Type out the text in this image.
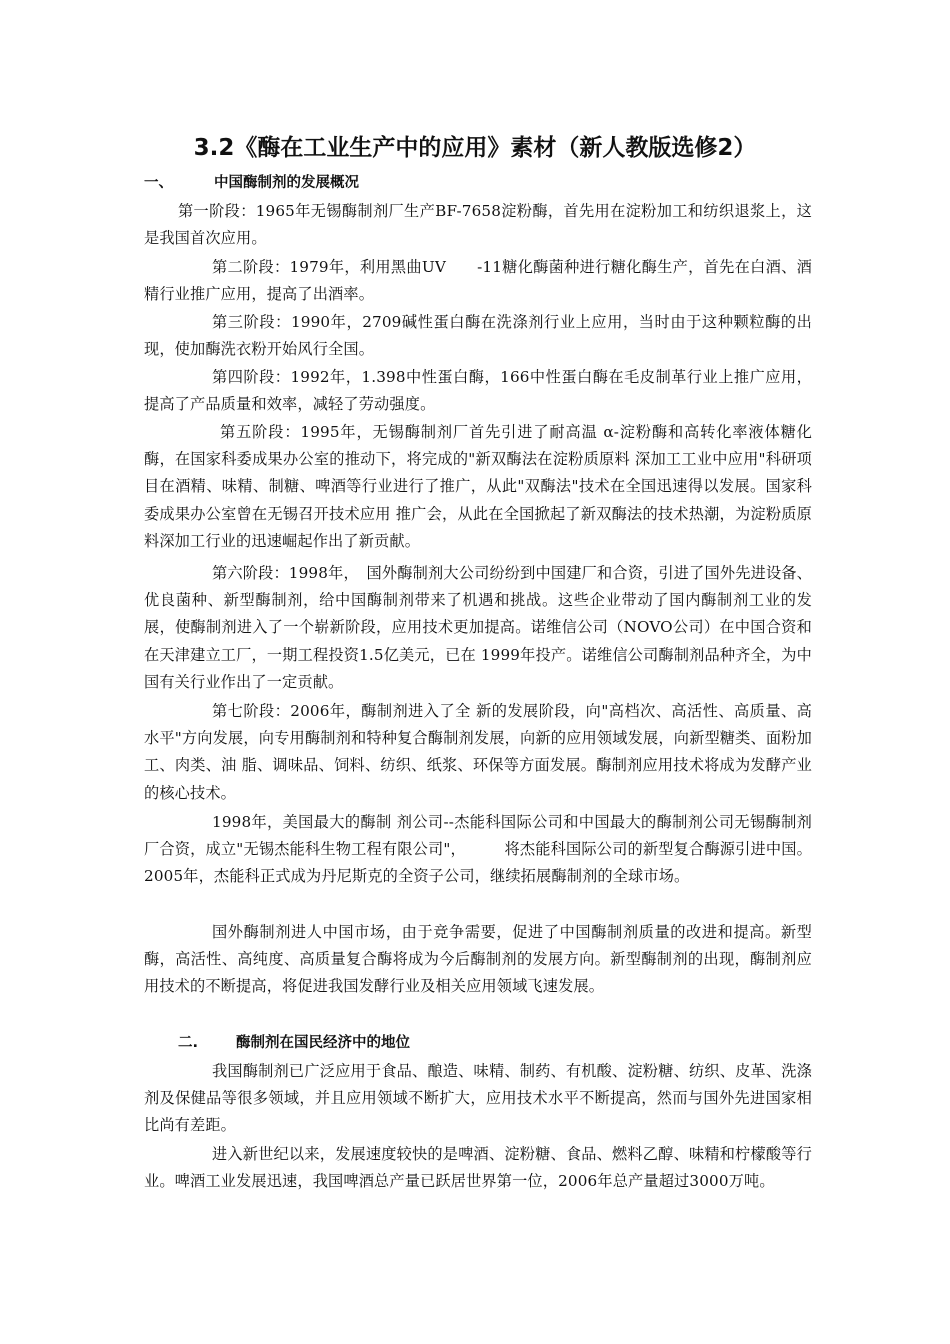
3.2《酶在工业生产中的应用》素材（新人教版选修2）
一、	中国酶制剂的发展概况

第一阶段：1965年无锡酶制剂厂生产BF-7658淀粉酶，首先用在淀粉加工和纺织退浆上，这是我国首次应用。

第二阶段：1979年，利用黑曲UV　　-11糖化酶菌种进行糖化酶生产，首先在白酒、酒精行业推广应用，提高了出酒率。

第三阶段：1990年，2709碱性蛋白酶在洗涤剂行业上应用，当时由于这种颗粒酶的出现，使加酶洗衣粉开始风行全国。

第四阶段：1992年，1.398中性蛋白酶，166中性蛋白酶在毛皮制革行业上推广应用，提高了产品质量和效率，减轻了劳动强度。

第五阶段：1995年，无锡酶制剂厂首先引进了耐高温 α-淀粉酶和高转化率液体糖化酶，在国家科委成果办公室的推动下，将完成的"新双酶法在淀粉质原料 深加工工业中应用"科研项目在酒精、味精、制糖、啤酒等行业进行了推广，从此"双酶法"技术在全国迅速得以发展。国家科委成果办公室曾在无锡召开技术应用 推广会，从此在全国掀起了新双酶法的技术热潮，为淀粉质原料深加工行业的迅速崛起作出了新贡献。

第六阶段：1998年，　国外酶制剂大公司纷纷到中国建厂和合资，引进了国外先进设备、优良菌种、新型酶制剂，给中国酶制剂带来了机遇和挑战。这些企业带动了国内酶制剂工业的发　展，使酶制剂进入了一个崭新阶段，应用技术更加提高。诺维信公司（NOVO公司）在中国合资和在天津建立工厂，一期工程投资1.5亿美元，已在 1999年投产。诺维信公司酶制剂品种齐全，为中国有关行业作出了一定贡献。

第七阶段：2006年，酶制剂进入了全 新的发展阶段，向"高档次、高活性、高质量、高水平"方向发展，向专用酶制剂和特种复合酶制剂发展，向新的应用领域发展，向新型糖类、面粉加工、肉类、油 脂、调味品、饲料、纺织、纸浆、环保等方面发展。酶制剂应用技术将成为发酵产业的核心技术。

1998年，美国最大的酶制 剂公司--杰能科国际公司和中国最大的酶制剂公司无锡酶制剂厂合资，成立"无锡杰能科生物工程有限公司"，　　　将杰能科国际公司的新型复合酶源引进中国。 2005年，杰能科正式成为丹尼斯克的全资子公司，继续拓展酶制剂的全球市场。

国外酶制剂进人中国市场，由于竞争需要，促进了中国酶制剂质量的改进和提高。新型酶，高活性、高纯度、高质量复合酶将成为今后酶制剂的发展方向。新型酶制剂的出现，酶制剂应用技术的不断提高，将促进我国发酵行业及相关应用领域飞速发展。

二.	酶制剂在国民经济中的地位

我国酶制剂已广泛应用于食品、酿造、味精、制药、有机酸、淀粉糖、纺织、皮革、洗涤剂及保健品等很多领域，并且应用领域不断扩大，应用技术水平不断提高，然而与国外先进国家相比尚有差距。

进入新世纪以来，发展速度较快的是啤酒、淀粉糖、食品、燃料乙醇、味精和柠檬酸等行业。啤酒工业发展迅速，我国啤酒总产量已跃居世界第一位，2006年总产量超过3000万吨。
